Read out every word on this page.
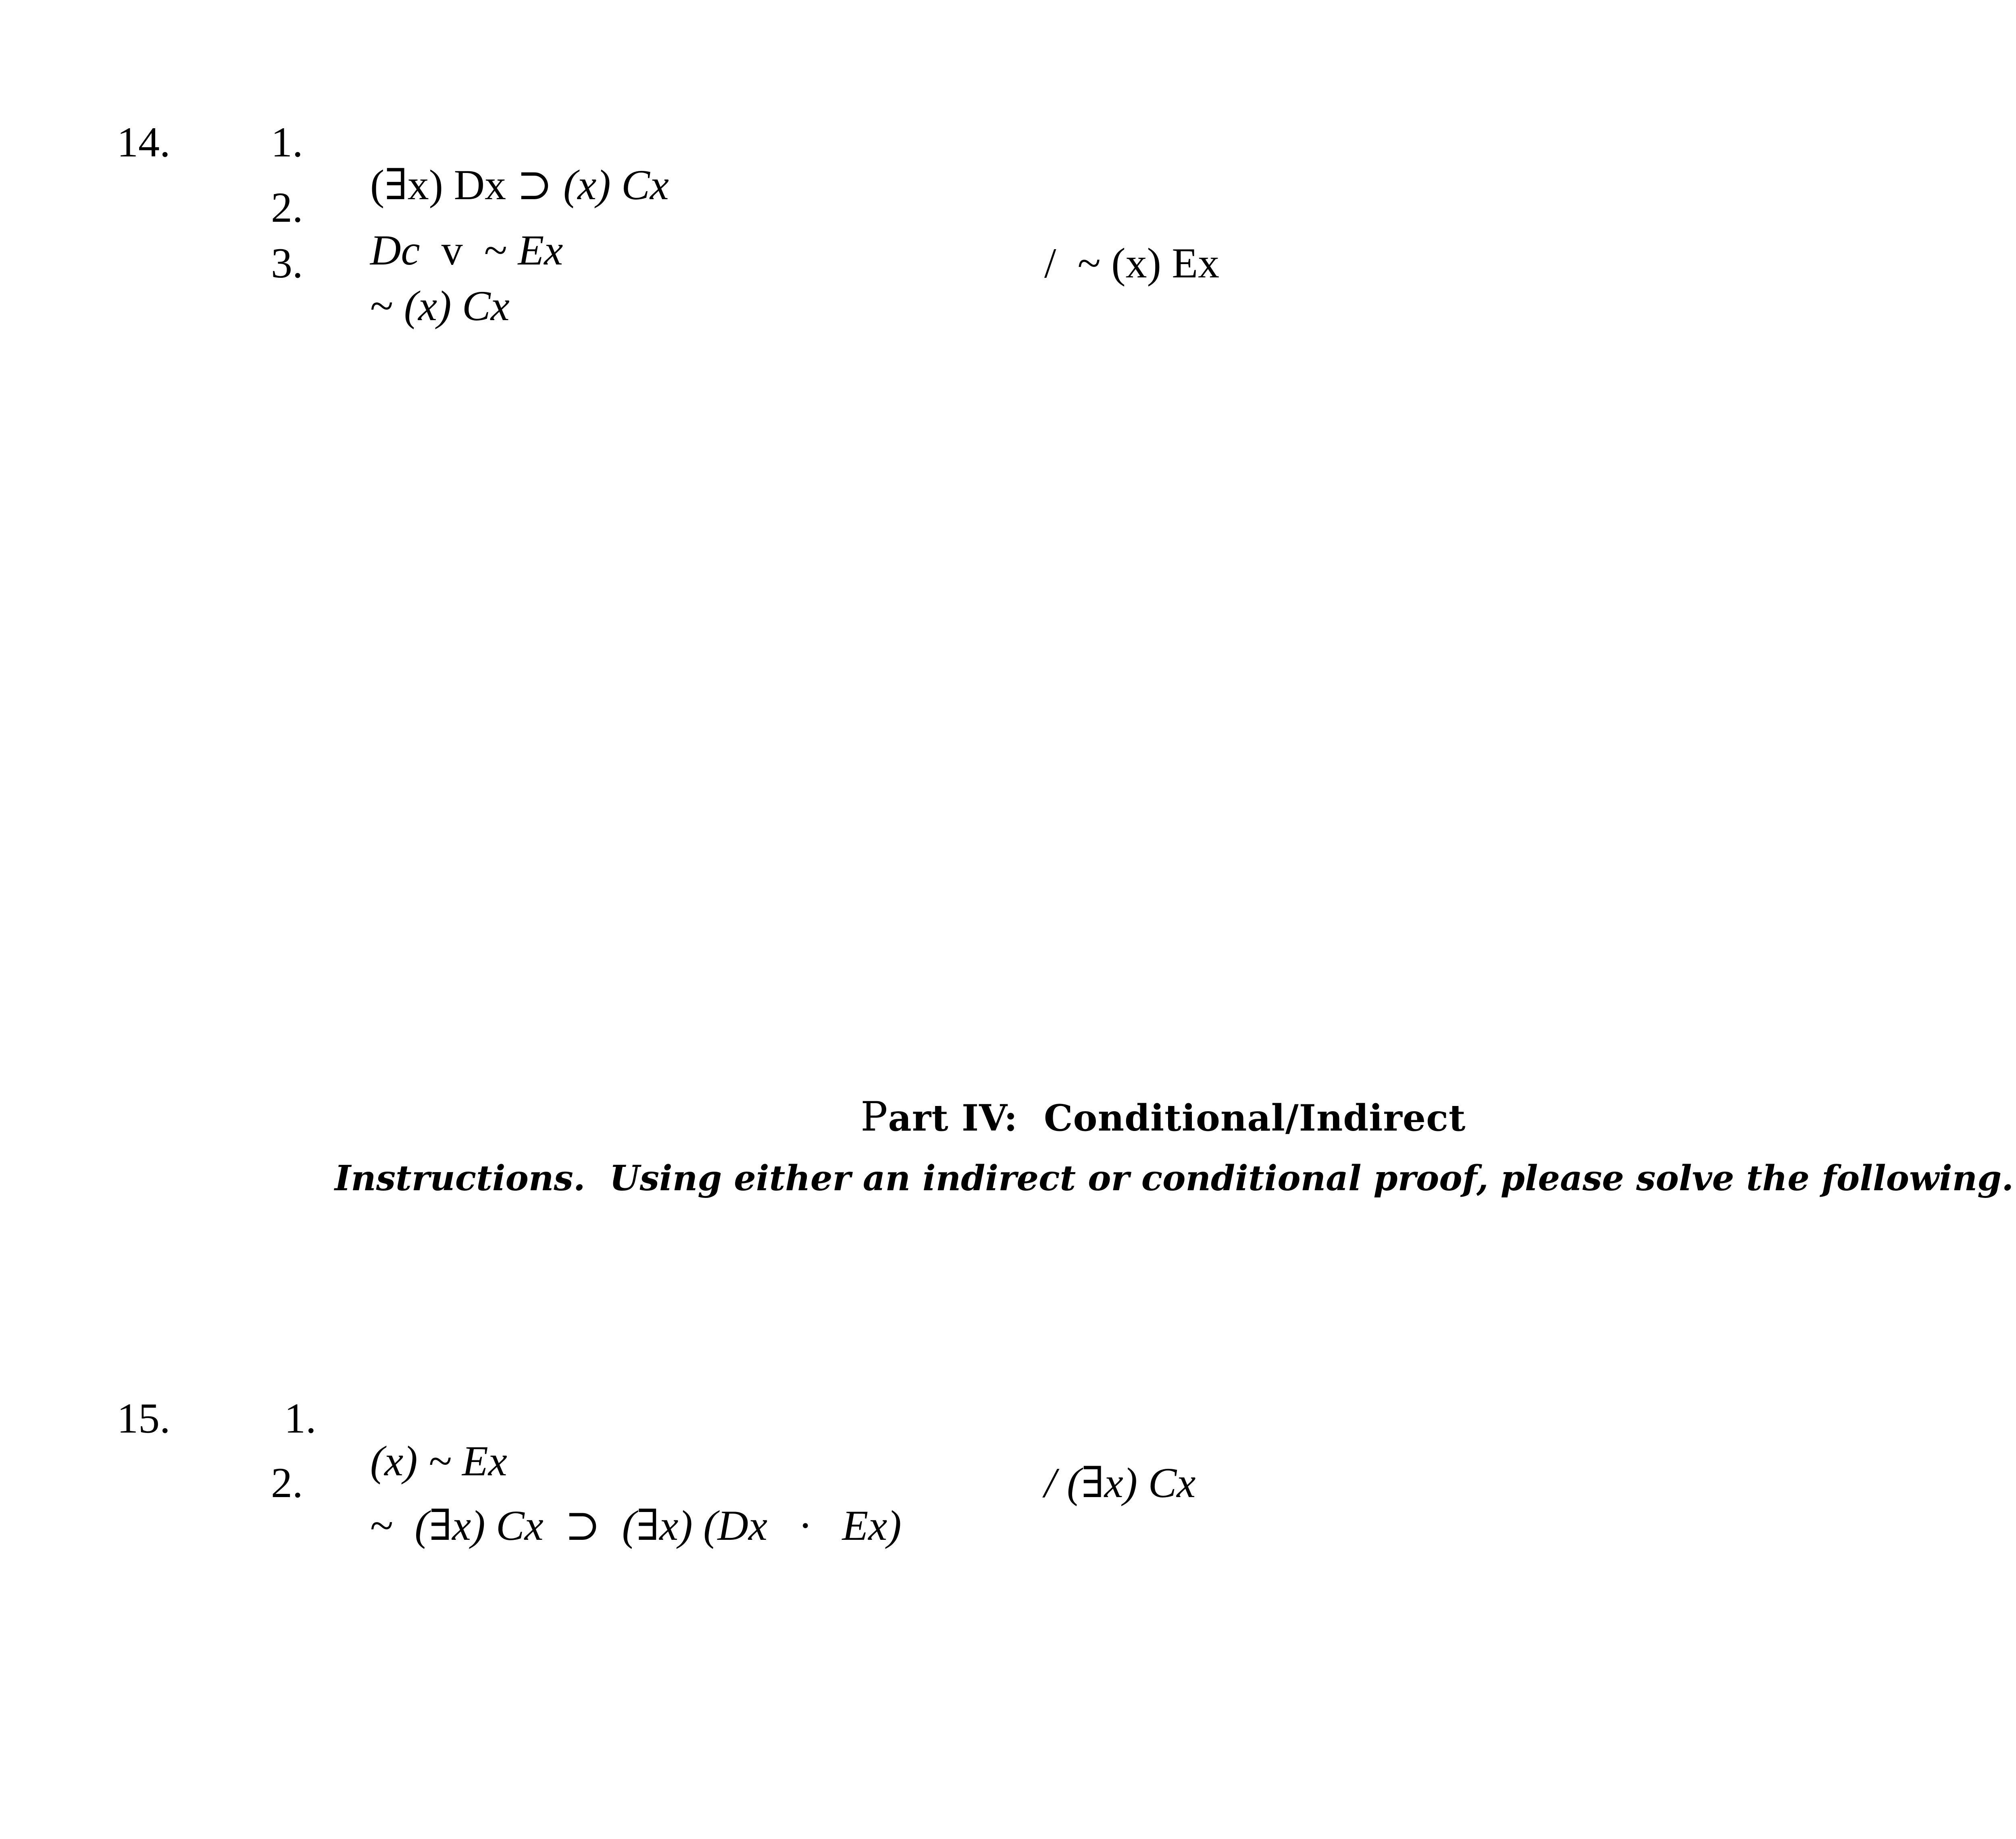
14. 1.

(∃x) Dx ⊃ (x) Cx

2.

Dc  v  ~ Ex

3.

~ (x) Cx

/  ~ (x) Ex

Part IV:  Conditional/Indirect

Instructions.  Using either an indirect or conditional proof, please solve the following.
15.	1.

(x) ~ Ex

2.

~  (∃x) Cx  ⊃  (∃x) (Dx   ·   Ex)

/ (∃x) Cx
